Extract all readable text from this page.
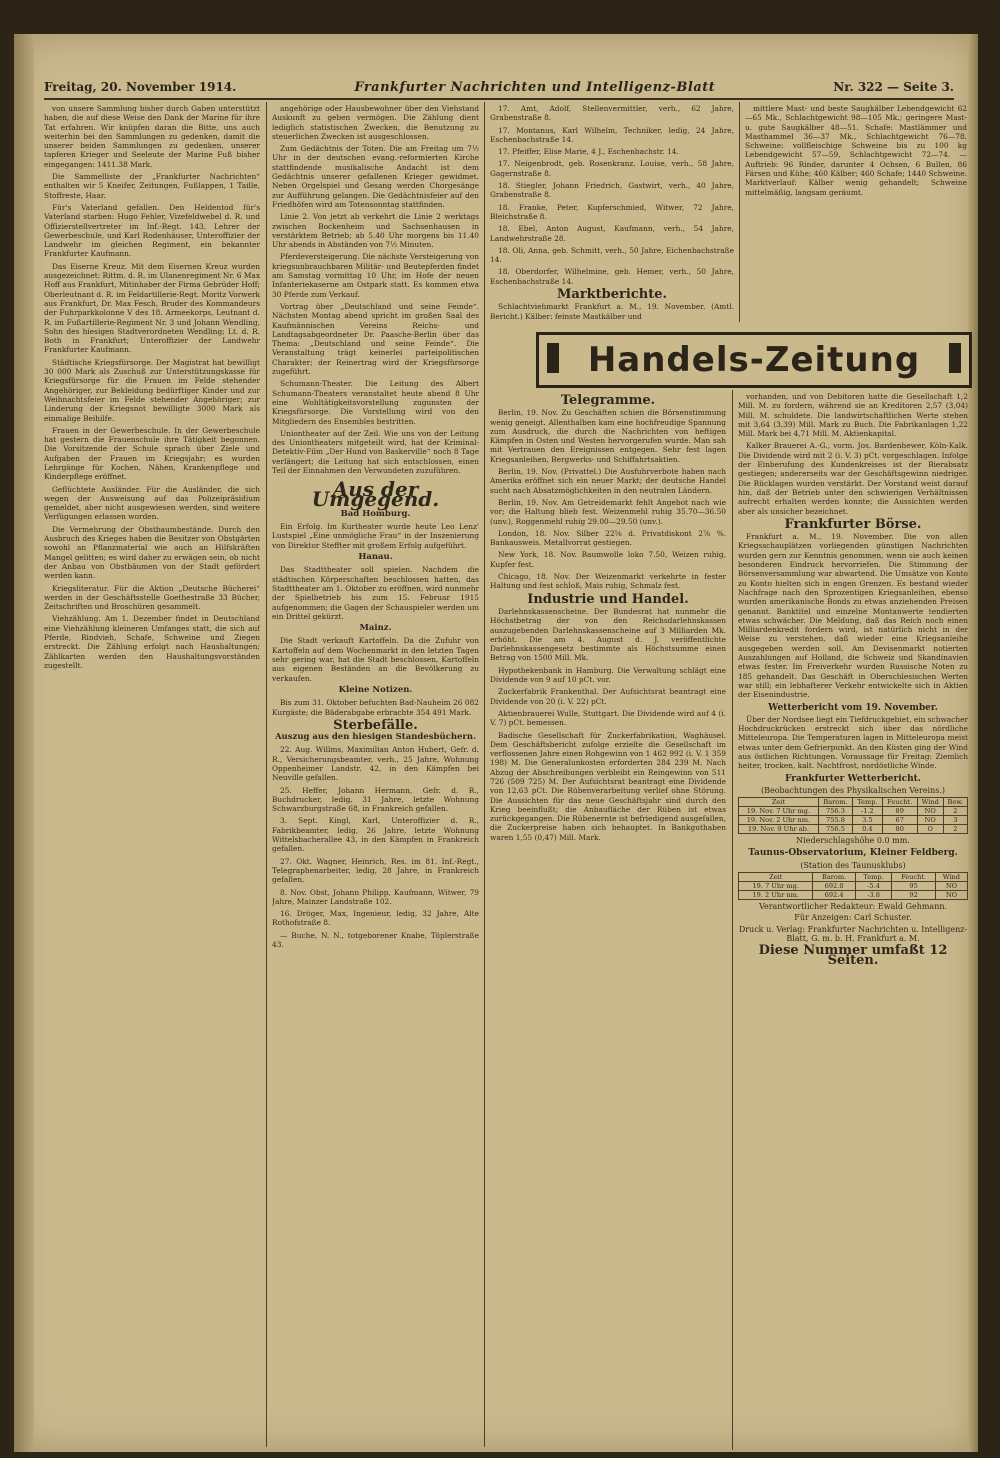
Freitag, 20. November 1914.	Frankfurter Nachrichten und Intelligenz-Blatt	Nr. 322 — Seite 3.

von unsere Sammlung bisher durch Gaben unterstützt haben, die auf diese Weise den Dank der Marine für ihre Tat erfahren. Wir knüpfen daran die Bitte, uns auch weiterhin bei den Sammlungen zu gedenken, damit die unserer beiden Sammlungen zu gedenken, unserer tapferen Krieger und Seeleute der Marine Fuß bisher eingegangen: 1411.38 Mark.

Die Sammelliste der „Frankfurter Nachrichten“ enthalten wir 5 Kneifer, Zeitungen, Fußlappen, 1 Taille, Stoffreste, Haar.

Für's Vaterland gefallen. Den Heldentod für's Vaterland starben: Hugo Fehler, Vizefeldwebel d. R. und Offizierstellvertreter im Inf.-Regt. 143, Lehrer der Gewerbeschule, und Karl Rodenhäuser, Unteroffizier der Landwehr im gleichen Regiment, ein bekannter Frankfurter Kaufmann.

Das Eiserne Kreuz. Mit dem Eisernen Kreuz wurden ausgezeichnet: Rittm. d. R. im Ulanenregiment Nr. 6 Max Hoff aus Frankfurt, Mitinhaber der Firma Gebrüder Hoff; Oberleutnant d. R. im Feldartillerie-Regt. Moritz Vorwerk aus Frankfurt, Dr. Max Fesch, Bruder des Kommandeurs der Fuhrparkkolonne V des 18. Armeekorps, Leutnant d. R. im Fußartillerie-Regiment Nr. 3 und Johann Wendling, Sohn des hiesigen Stadtverordneten Wendling; Lt. d. R. Both in Frankfurt; Unteroffizier der Landwehr Frankfurter Kaufmann.

Städtische Kriegsfürsorge. Der Magistrat hat bewilligt 30 000 Mark als Zuschuß zur Unterstützungskasse für Kriegsfürsorge für die Frauen im Felde stehender Angehöriger, zur Bekleidung bedürftiger Kinder und zur Weihnachtsfeier im Felde stehender Angehöriger; zur Linderung der Kriegsnot bewilligte 3000 Mark als einmalige Beihilfe.

Frauen in der Gewerbeschule. In der Gewerbeschule hat gestern die Frauenschule ihre Tätigkeit begonnen. Die Vorsitzende der Schule sprach über Ziele und Aufgaben der Frauen im Kriegsjahr; es wurden Lehrgänge für Kochen, Nähen, Krankenpflege und Kinderpflege eröffnet.

Geflüchtete Ausländer. Für die Ausländer, die sich wegen der Ausweisung auf das Polizeipräsidium gemeldet, aber nicht ausgewiesen werden, sind weitere Verfügungen erlassen worden.

Die Vermehrung der Obstbaumbestände. Durch den Ausbruch des Krieges haben die Besitzer von Obstgärten sowohl an Pflanzmaterial wie auch an Hilfskräften Mangel gelitten; es wird daher zu erwägen sein, ob nicht der Anbau von Obstbäumen von der Stadt gefördert werden kann.

Kriegsliteratur. Für die Aktion „Deutsche Bücherei“ werden in der Geschäftsstelle Goethestraße 33 Bücher, Zeitschriften und Broschüren gesammelt.

Viehzählung. Am 1. Dezember findet in Deutschland eine Viehzählung kleineren Umfanges statt, die sich auf Pferde, Rindvieh, Schafe, Schweine und Ziegen erstreckt. Die Zählung erfolgt nach Haushaltungen; Zählkarten werden den Haushaltungsvorständen zugestellt.

angehörige oder Hausbewohner über den Viehstand Auskunft zu geben vermögen. Die Zählung dient lediglich statistischen Zwecken, die Benutzung zu steuerlichen Zwecken ist ausgeschlossen.

Zum Gedächtnis der Toten. Die am Freitag um 7½ Uhr in der deutschen evang.-reformierten Kirche stattfindende musikalische Andacht ist dem Gedächtnis unserer gefallenen Krieger gewidmet. Neben Orgelspiel und Gesang werden Chorgesänge zur Aufführung gelangen. Die Gedächtnisfeier auf den Friedhöfen wird am Totensonntag stattfinden.

Linie 2. Von jetzt ab verkehrt die Linie 2 werktags zwischen Bockenheim und Sachsenhausen in verstärktem Betrieb; ab 5.40 Uhr morgens bis 11.40 Uhr abends in Abständen von 7½ Minuten.

Pferdeversteigerung. Die nächste Versteigerung von kriegsunbrauchbaren Militär- und Beutepferden findet am Samstag vormittag 10 Uhr, im Hofe der neuen Infanteriekaserne am Ostpark statt. Es kommen etwa 30 Pferde zum Verkauf.

Vortrag über „Deutschland und seine Feinde“. Nächsten Montag abend spricht im großen Saal des Kaufmännischen Vereins Reichs- und Landtagsabgeordneter Dr. Paasche-Berlin über das Thema: „Deutschland und seine Feinde“. Die Veranstaltung trägt keinerlei parteipolitischen Charakter; der Reinertrag wird der Kriegsfürsorge zugeführt.

Schumann-Theater. Die Leitung des Albert Schumann-Theaters veranstaltet heute abend 8 Uhr eine Wohltätigkeitsvorstellung zugunsten der Kriegsfürsorge. Die Vorstellung wird von den Mitgliedern des Ensembles bestritten.

Uniontheater auf der Zeil. Wie uns von der Leitung des Uniontheaters mitgeteilt wird, hat der Kriminal-Detektiv-Film „Der Hund von Baskerville“ noch 8 Tage verlängert; die Leitung hat sich entschlossen, einen Teil der Einnahmen den Verwundeten zuzuführen.

Aus der Umgegend.
Bad Homburg.

Ein Erfolg. Im Kurtheater wurde heute Leo Lenz' Lustspiel „Eine unmögliche Frau“ in der Inszenierung von Direktor Steffter mit großem Erfolg aufgeführt.

Hanau.

Das Stadttheater soll spielen. Nachdem die städtischen Körperschaften beschlossen hatten, das Stadttheater am 1. Oktober zu eröffnen, wird nunmehr der Spielbetrieb bis zum 15. Februar 1915 aufgenommen; die Gagen der Schauspieler werden um ein Drittel gekürzt.

Mainz.

Die Stadt verkauft Kartoffeln. Da die Zufuhr von Kartoffeln auf dem Wochenmarkt in den letzten Tagen sehr gering war, hat die Stadt beschlossen, Kartoffeln aus eigenen Beständen an die Bevölkerung zu verkaufen.

Kleine Notizen.

Bis zum 31. Oktober befuchten Bad-Nauheim 26 082 Kurgäste; die Bäderabgabe erbrachte 354 491 Mark.

Sterbefälle.
Auszug aus den hiesigen Standesbüchern.

22. Aug. Willms, Maximilian Anton Hubert, Gefr. d. R., Versicherungsbeamter, verh., 25 Jahre, Wohnung Oppenheimer Landstr. 42, in den Kämpfen bei Neuville gefallen.

25. Heffer, Johann Hermann, Gefr. d. R., Buchdrucker, ledig, 31 Jahre, letzte Wohnung Schwarzburgstraße 68, in Frankreich gefallen.

3. Sept. Kingl, Karl, Unteroffizier d. R., Fabrikbeamter, ledig, 26 Jahre, letzte Wohnung Wittelsbacherallee 43, in den Kämpfen in Frankreich gefallen.

27. Okt. Wagner, Heinrich, Res. im 81. Inf.-Regt., Telegraphenarbeiter, ledig, 28 Jahre, in Frankreich gefallen.

8. Nov. Obst, Johann Philipp, Kaufmann, Witwer, 79 Jahre, Mainzer Landstraße 102.

16. Dröger, Max, Ingenieur, ledig, 32 Jahre, Alte Rothofstraße 8.

— Buche, N. N., totgeborener Knabe, Töplerstraße 43.

17. Amt, Adolf, Stellenvermittler, verh., 62 Jahre, Grabenstraße 8.

17. Montanus, Karl Wilhelm, Techniker, ledig, 24 Jahre, Eschenbachstraße 14.

17. Pfeiffer, Elise Marie, 4 J., Eschenbachstr. 14.

17. Neigenbrodt, geb. Rosenkranz, Louise, verh., 58 Jahre, Gagernstraße 8.

18. Stiegler, Johann Friedrich, Gastwirt, verh., 40 Jahre, Grabenstraße 8.

18. Franke, Peter, Kupferschmied, Witwer, 72 Jahre, Bleichstraße 8.

18. Ebel, Anton August, Kaufmann, verh., 54 Jahre, Landwehrstraße 28.

18. Oli, Anna, geb. Schmitt, verh., 50 Jahre, Eichenbachstraße 14.

18. Oberdorfer, Wilhelmine, geb. Hemer, verh., 50 Jahre, Eschenbachstraße 14.

Marktberichte.

Schlachtviehmarkt Frankfurt a. M., 19. November. (Amtl. Bericht.) Kälber: feinste Mastkälber und

mittlere Mast- und beste Saugkälber Lebendgewicht 62—65 Mk., Schlachtgewicht 98—105 Mk.; geringere Mast- u. gute Saugkälber 48—51. Schafe: Mastlämmer und Masthammel 36—37 Mk., Schlachtgewicht 76—78. Schweine: vollfleischige Schweine bis zu 100 kg Lebendgewicht 57—59, Schlachtgewicht 72—74. — Auftrieb: 96 Rinder, darunter 4 Ochsen, 6 Bullen, 86 Färsen und Kühe; 460 Kälber; 460 Schafe; 1440 Schweine. Marktverlauf: Kälber wenig gehandelt; Schweine mittelmäßig, langsam geräumt.

Handels-Zeitung
Telegramme.

Berlin, 19. Nov. Zu Geschäften schien die Börsenstimmung wenig geneigt. Allenthalben kam eine hochfreudige Spannung zum Ausdruck, die durch die Nachrichten von heftigen Kämpfen in Osten und Westen hervorgerufen wurde. Man sah mit Vertrauen den Ereignissen entgegen. Sehr fest lagen Kriegsanleihen, Bergwerks- und Schiffahrtsaktien.

Berlin, 19. Nov. (Privattel.) Die Ausfuhrverbote haben nach Amerika eröffnet sich ein neuer Markt; der deutsche Handel sucht nach Absatzmöglichkeiten in den neutralen Ländern.

Berlin, 19. Nov. Am Getreidemarkt fehlt Angebot nach wie vor; die Haltung blieb fest. Weizenmehl ruhig 35.70—36.50 (unv.), Roggenmehl ruhig 29.00—29.50 (unv.).

London, 18. Nov. Silber 22⅝ d. Privatdiskont 2⅞ %. Bankausweis. Metallvorrat gestiegen.

New York, 18. Nov. Baumwolle loko 7.50, Weizen ruhig, Kupfer fest.

Chicago, 18. Nov. Der Weizenmarkt verkehrte in fester Haltung und fest schloß, Mais ruhig, Schmalz fest.

Industrie und Handel.

Darlehnskassenscheine. Der Bundesrat hat nunmehr die Höchstbetrag der von den Reichsdarlehnskassen auszugebenden Darlehnskassenscheine auf 3 Milliarden Mk. erhöht. Die am 4. August d. J. veröffentlichte Darlehnskassengesetz bestimmte als Höchstsumme einen Betrag von 1500 Mill. Mk.

Hypothekenbank in Hamburg. Die Verwaltung schlägt eine Dividende von 9 auf 10 pCt. vor.

Zuckerfabrik Frankenthal. Der Aufsichtsrat beantragt eine Dividende von 20 (i. V. 22) pCt.

Aktienbrauerei Wulle, Stuttgart. Die Dividende wird auf 4 (i. V. 7) pCt. bemessen.

Badische Gesellschaft für Zuckerfabrikation, Waghäusel. Dem Geschäftsbericht zufolge erzielte die Gesellschaft im verflossenen Jahre einen Rohgewinn von 1 462 992 (i. V. 1 359 198) M. Die Generalunkosten erforderten 284 239 M. Nach Abzug der Abschreibungen verbleibt ein Reingewinn von 511 726 (509 725) M. Der Aufsichtsrat beantragt eine Dividende von 12,63 pCt. Die Rübenverarbeitung verlief ohne Störung. Die Aussichten für das neue Geschäftsjahr sind durch den Krieg beeinflußt; die Anbaufläche der Rüben ist etwas zurückgegangen. Die Rübenernte ist befriedigend ausgefallen, die Zuckerpreise haben sich behauptet. In Bankguthaben waren 1,55 (0,47) Mill. Mark.

vorhanden, und von Debitoren hatte die Gesellschaft 1,2 Mill. M. zu fordern, während sie an Kreditoren 2,57 (3,04) Mill. M. schuldete. Die landwirtschaftlichen Werte stehen mit 3,64 (3,39) Mill. Mark zu Buch. Die Fabrikanlagen 1,22 Mill. Mark bei 4,71 Mill. M. Aktienkapital.

Kalker Brauerei A.-G., vorm. Jos. Bardenhewer, Köln-Kalk. Die Dividende wird mit 2 (i. V. 3) pCt. vorgeschlagen. Infolge der Einberufung des Kundenkreises ist der Bierabsatz gestiegen; andererseits war der Geschäftsgewinn niedriger. Die Rücklagen wurden verstärkt. Der Vorstand weist darauf hin, daß der Betrieb unter den schwierigen Verhältnissen aufrecht erhalten werden konnte; die Aussichten werden aber als unsicher bezeichnet.

Frankfurter Börse.

Frankfurt a. M., 19. November. Die von allen Kriegsschauplätzen vorliegenden günstigen Nachrichten wurden gern zur Kenntnis genommen, wenn sie auch keinen besonderen Eindruck hervorriefen. Die Stimmung der Börsenversammlung war abwartend. Die Umsätze von Konto zu Konto hielten sich in engen Grenzen. Es bestand wieder Nachfrage nach den Sprozentigen Kriegsanleihen, ebenso wurden amerikanische Bonds zu etwas anziehenden Preisen genannt. Banktitel und einzelne Montanwerte tendierten etwas schwächer. Die Meldung, daß das Reich noch einen Milliardenkredit fordern wird, ist natürlich nicht in der Weise zu verstehen, daß wieder eine Kriegsanleihe ausgegeben werden soll. Am Devisenmarkt notierten Auszahlungen auf Holland, die Schweiz und Skandinavien etwas fester. Im Freiverkehr wurden Russische Noten zu 185 gehandelt. Das Geschäft in Oberschlesischen Werten war still; ein lebhafterer Verkehr entwickelte sich in Aktien der Eisenindustrie.

Wetterbericht vom 19. November.

Über der Nordsee liegt ein Tiefdruckgebiet, ein schwacher Hochdruckrücken erstreckt sich über das nördliche Mitteleuropa. Die Temperaturen lagen in Mitteleuropa meist etwas unter dem Gefrierpunkt. An den Küsten ging der Wind aus östlichen Richtungen. Voraussage für Freitag: Ziemlich heiter, trocken, kalt. Nachtfrost, nordöstliche Winde.

Frankfurter Wetterbericht.
(Beobachtungen des Physikalischen Vereins.)
Zeit	Barom.	Temp.	Feucht.	Wind	Bew.
19. Nov. 7 Uhr mg.	756.3	-1.2	89	NO	2
19. Nov. 2 Uhr nm.	755.8	3.5	67	NO	3
19. Nov. 9 Uhr ab.	756.5	0.4	80	O	2
Niederschlagshöhe 0.0 mm.
Taunus-Observatorium, Kleiner Feldberg.
(Station des Taunusklubs)
Zeit	Barom.	Temp.	Feucht.	Wind
19. 7 Uhr mg.	692.0	-5.4	95	NO
19. 2 Uhr nm.	692.4	-3.8	92	NO
Verantwortlicher Redakteur: Ewald Gehmann.
Für Anzeigen: Carl Schuster.
Druck u. Verlag: Frankfurter Nachrichten u. Intelligenz-Blatt, G. m. b. H. Frankfurt a. M.
Diese Nummer umfaßt 12 Seiten.
